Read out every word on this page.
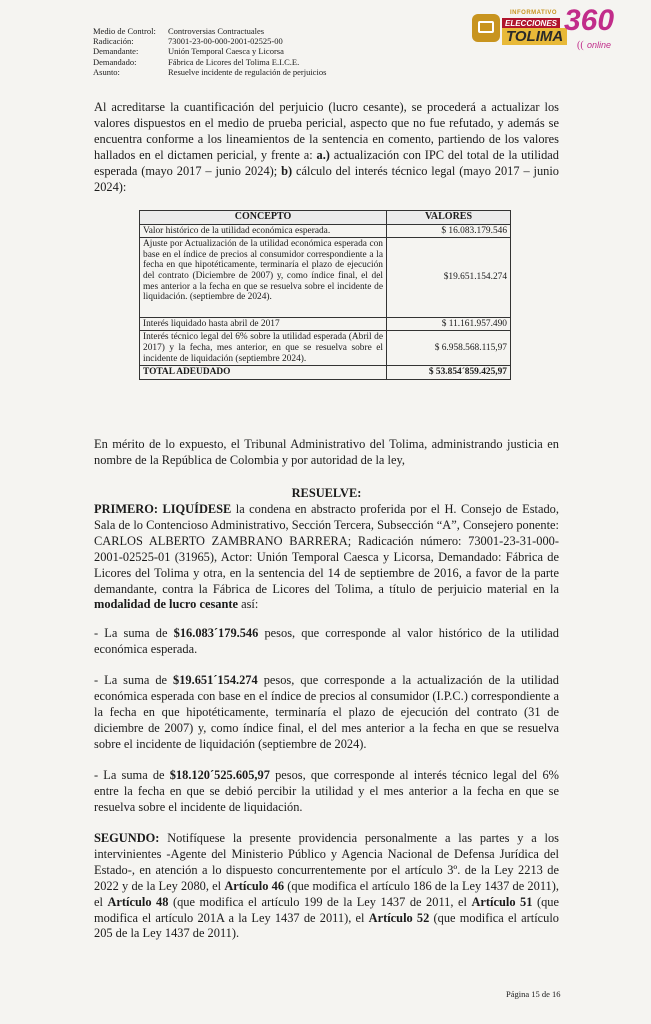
Medio de Control:	Controversias Contractuales
Radicación:	73001-23-00-000-2001-02525-00
Demandante:	Unión Temporal Caesca y Licorsa
Demandado:	Fábrica de Licores del Tolima E.I.C.E.
Asunto:	Resuelve incidente de regulación de perjuicios
INFORMATIVO
ELECCIONES
TOLIMA 360
(( online

Al acreditarse la cuantificación del perjuicio (lucro cesante), se procederá a actualizar los valores dispuestos en el medio de prueba pericial, aspecto que no fue refutado, y además se encuentra conforme a los lineamientos de la sentencia en comento, partiendo de los valores hallados en el dictamen pericial, y frente a: a.) actualización con IPC del total de la utilidad esperada (mayo 2017 – junio 2024); b) cálculo del interés técnico legal (mayo 2017 – junio 2024):

CONCEPTO	VALORES
Valor histórico de la utilidad económica esperada.	$ 16.083.179.546
Ajuste por Actualización de la utilidad económica esperada con base en el índice de precios al consumidor correspondiente a la fecha en que hipotéticamente, terminaría el plazo de ejecución del contrato (Diciembre de 2007) y, como índice final, el del mes anterior a la fecha en que se resuelva sobre el incidente de liquidación. (septiembre de 2024).	$19.651.154.274
Interés liquidado hasta abril de 2017	$ 11.161.957.490
Interés técnico legal del 6% sobre la utilidad esperada (Abril de 2017) y la fecha, mes anterior, en que se resuelva sobre el incidente de liquidación (septiembre 2024).	$ 6.958.568.115,97
TOTAL ADEUDADO	$ 53.854´859.425,97

En mérito de lo expuesto, el Tribunal Administrativo del Tolima, administrando justicia en nombre de la República de Colombia y por autoridad de la ley,

RESUELVE:

PRIMERO: LIQUÍDESE la condena en abstracto proferida por el H. Consejo de Estado, Sala de lo Contencioso Administrativo, Sección Tercera, Subsección “A”, Consejero ponente: CARLOS ALBERTO ZAMBRANO BARRERA; Radicación número: 73001-23-31-000-2001-02525-01 (31965), Actor: Unión Temporal Caesca y Licorsa, Demandado: Fábrica de Licores del Tolima y otra, en la sentencia del 14 de septiembre de 2016, a favor de la parte demandante, contra la Fábrica de Licores del Tolima, a título de perjuicio material en la modalidad de lucro cesante así:

- La suma de $16.083´179.546 pesos, que corresponde al valor histórico de la utilidad económica esperada.

- La suma de $19.651´154.274 pesos, que corresponde a la actualización de la utilidad económica esperada con base en el índice de precios al consumidor (I.P.C.) correspondiente a la fecha en que hipotéticamente, terminaría el plazo de ejecución del contrato (31 de diciembre de 2007) y, como índice final, el del mes anterior a la fecha en que se resuelva sobre el incidente de liquidación (septiembre de 2024).

- La suma de $18.120´525.605,97 pesos, que corresponde al interés técnico legal del 6% entre la fecha en que se debió percibir la utilidad y el mes anterior a la fecha en que se resuelva sobre el incidente de liquidación.

SEGUNDO: Notifíquese la presente providencia personalmente a las partes y a los intervinientes -Agente del Ministerio Público y Agencia Nacional de Defensa Jurídica del Estado-, en atención a lo dispuesto concurrentemente por el artículo 3º. de la Ley 2213 de 2022 y de la Ley 2080, el Artículo 46 (que modifica el artículo 186 de la Ley 1437 de 2011), el Artículo 48 (que modifica el artículo 199 de la Ley 1437 de 2011, el Artículo 51 (que modifica el artículo 201A a la Ley 1437 de 2011), el Artículo 52 (que modifica el artículo 205 de la Ley 1437 de 2011).

Página 15 de 16
